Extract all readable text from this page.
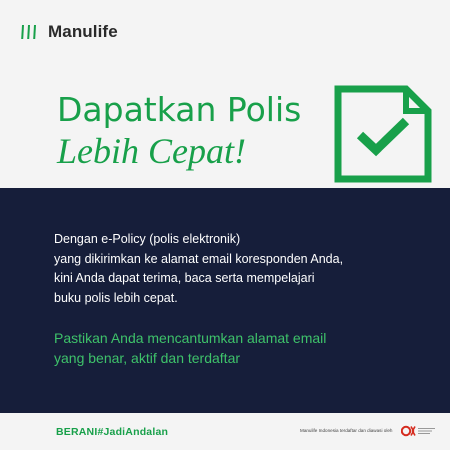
Manulife
Dapatkan Polis
Lebih Cepat!
Dengan e-Policy (polis elektronik)
yang dikirimkan ke alamat email koresponden Anda,
kini Anda dapat terima, baca serta mempelajari
buku polis lebih cepat.
Pastikan Anda mencantumkan alamat email
yang benar, aktif dan terdaftar
BERANI#JadiAndalan	Manulife Indonesia terdaftar dan diawasi oleh
